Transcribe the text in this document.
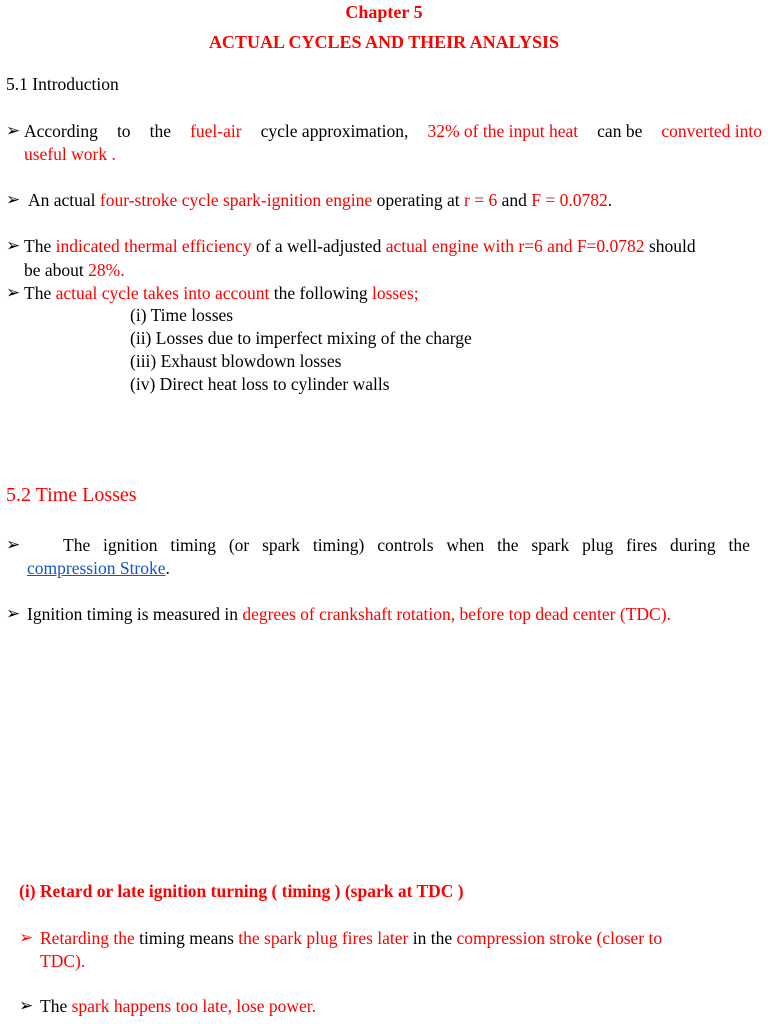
Chapter 5
ACTUAL CYCLES AND THEIR ANALYSIS
5.1 Introduction
➢ According to the fuel-air cycle approximation, 32% of the input heat can be converted into
useful work .
➢ An actual four-stroke cycle spark-ignition engine operating at r = 6 and F = 0.0782.
➢ The indicated thermal efficiency of a well-adjusted actual engine with r=6 and F=0.0782 should
be about 28%.
➢ The actual cycle takes into account the following losses;
(i) Time losses
(ii) Losses due to imperfect mixing of the charge
(iii) Exhaust blowdown losses
(iv) Direct heat loss to cylinder walls
5.2 Time Losses
➢ The ignition timing (or spark timing) controls when the spark plug fires during the
compression Stroke.
➢ Ignition timing is measured in degrees of crankshaft rotation, before top dead center (TDC).
(i) Retard or late ignition turning ( timing ) (spark at TDC )
➢ Retarding the timing means the spark plug fires later in the compression stroke (closer to
TDC).
➢ The spark happens too late, lose power.
